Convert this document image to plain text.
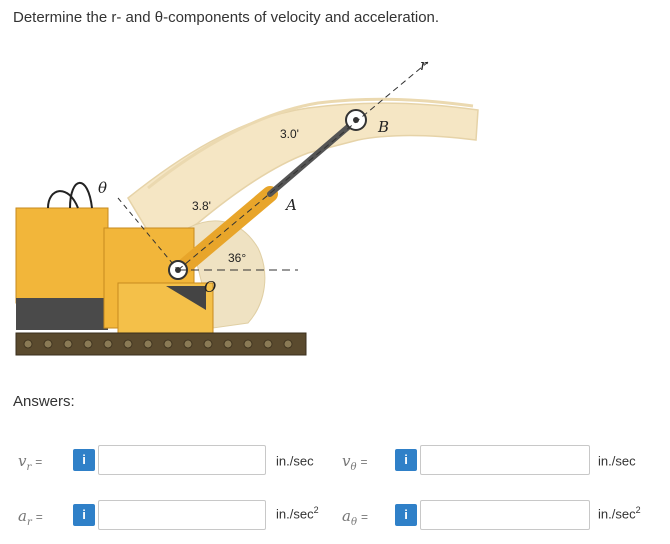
Determine the r- and θ-components of velocity and acceleration.
r
B
A
θ
O
3.0'
3.8'
36°
Answers:
$v_r$ =	i	in./sec $v_\theta$ =	i	in./sec
$a_r$ =	i	$in./\sec^2$ $a_\theta$ =	i	$in./\sec^2$
